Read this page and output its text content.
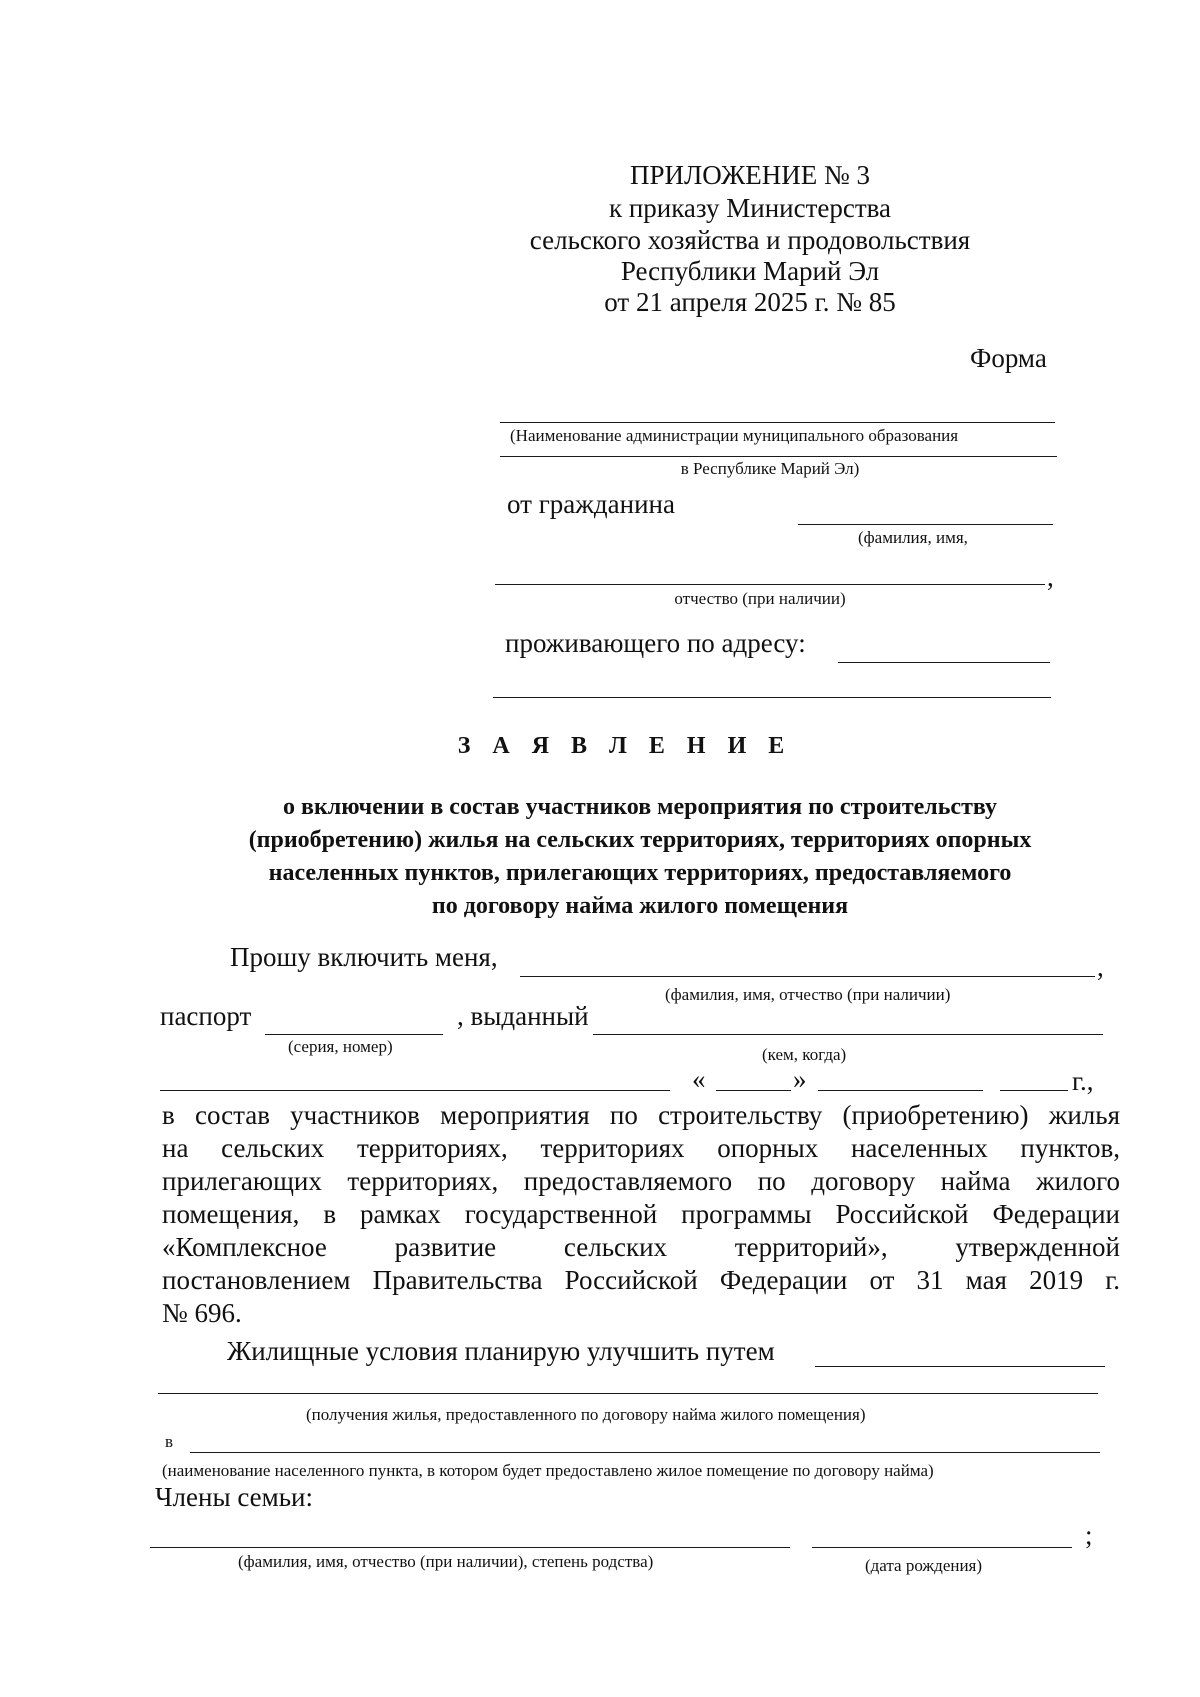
ПРИЛОЖЕНИЕ № 3
к приказу Министерства
сельского хозяйства и продовольствия
Республики Марий Эл
от 21 апреля 2025 г. № 85
Форма
(Наименование администрации муниципального образования
в Республике Марий Эл)
от гражданина
(фамилия, имя,
,
отчество (при наличии)
проживающего по адресу:
З А Я В Л Е Н И Е
о включении в состав участников мероприятия по строительству
(приобретению) жилья на сельских территориях, территориях опорных
населенных пунктов, прилегающих территориях, предоставляемого
по договору найма жилого помещения
Прошу включить меня,	,
(фамилия, имя, отчество (при наличии)
паспорт	, выданный
(серия, номер)	(кем, когда)
«	»	г.,
в состав участников мероприятия по строительству (приобретению) жилья
на сельских территориях, территориях опорных населенных пунктов,
прилегающих территориях, предоставляемого по договору найма жилого
помещения, в рамках государственной программы Российской Федерации
«Комплексное развитие сельских территорий», утвержденной
постановлением Правительства Российской Федерации от 31 мая 2019 г.
№ 696.
Жилищные условия планирую улучшить путем
(получения жилья, предоставленного по договору найма жилого помещения)
в
(наименование населенного пункта, в котором будет предоставлено жилое помещение по договору найма)
Члены семьи:
;
(фамилия, имя, отчество (при наличии), степень родства)	(дата рождения)
